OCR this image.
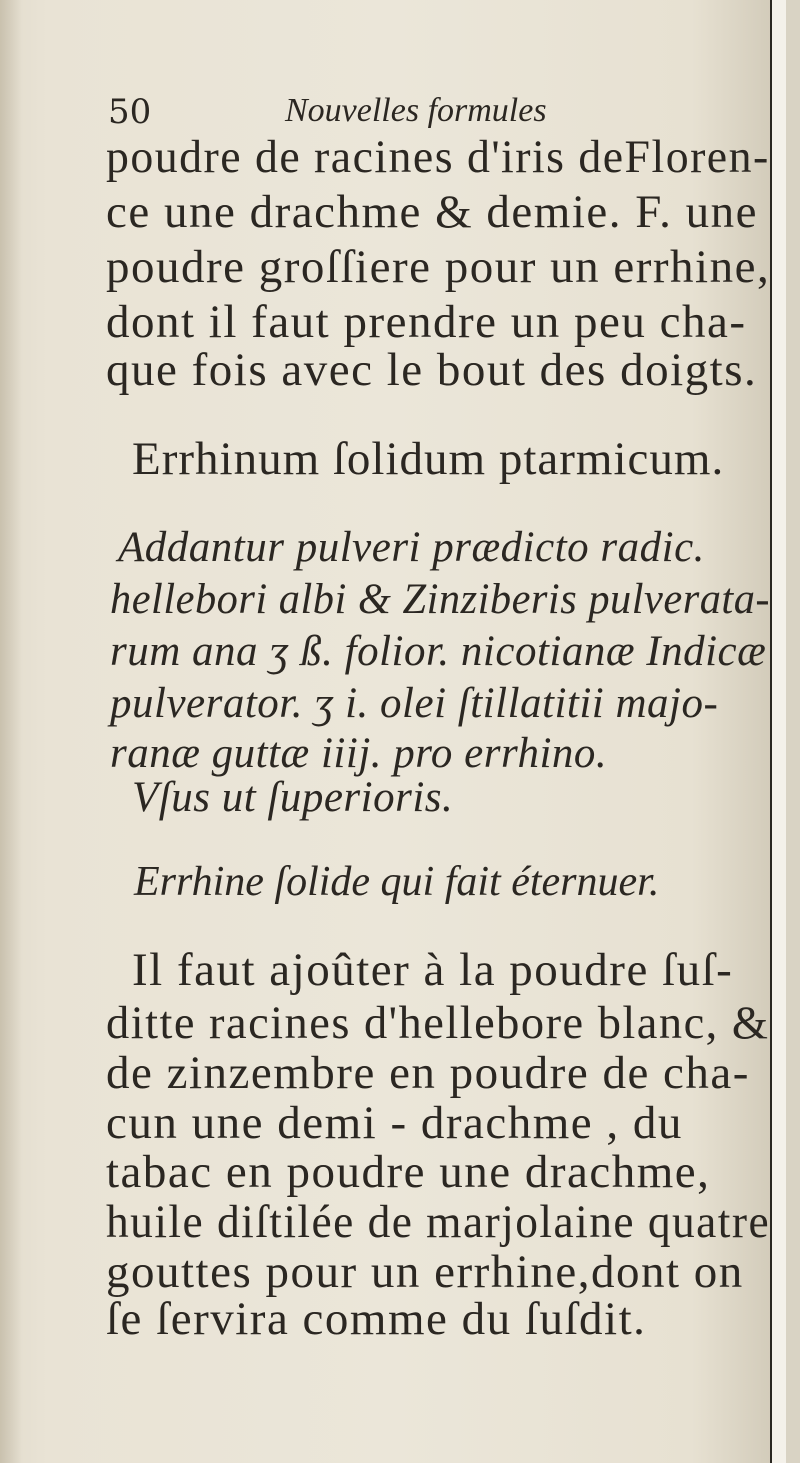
50	Nouvelles formules
poudre de racines d'iris deFloren-
ce une drachme & demie. F. une
poudre groſſiere pour un errhine,
dont il faut prendre un peu cha-
que fois avec le bout des doigts.
Errhinum ſolidum ptarmicum.
Addantur pulveri prædicto radic.
hellebori albi & Zinziberis pulverata-
rum ana ʒ ß. folior. nicotianæ Indicæ
pulverator. ʒ i. olei ſtillatitii majo-
ranæ guttæ iiij. pro errhino.
Vſus ut ſuperioris.
Errhine ſolide qui fait éternuer.
Il faut ajoûter à la poudre ſuſ-
ditte racines d'hellebore blanc, &
de zinzembre en poudre de cha-
cun une demi - drachme , du
tabac en poudre une drachme,
huile diſtilée de marjolaine quatre
gouttes pour un errhine,dont on
ſe ſervira comme du ſuſdit.
